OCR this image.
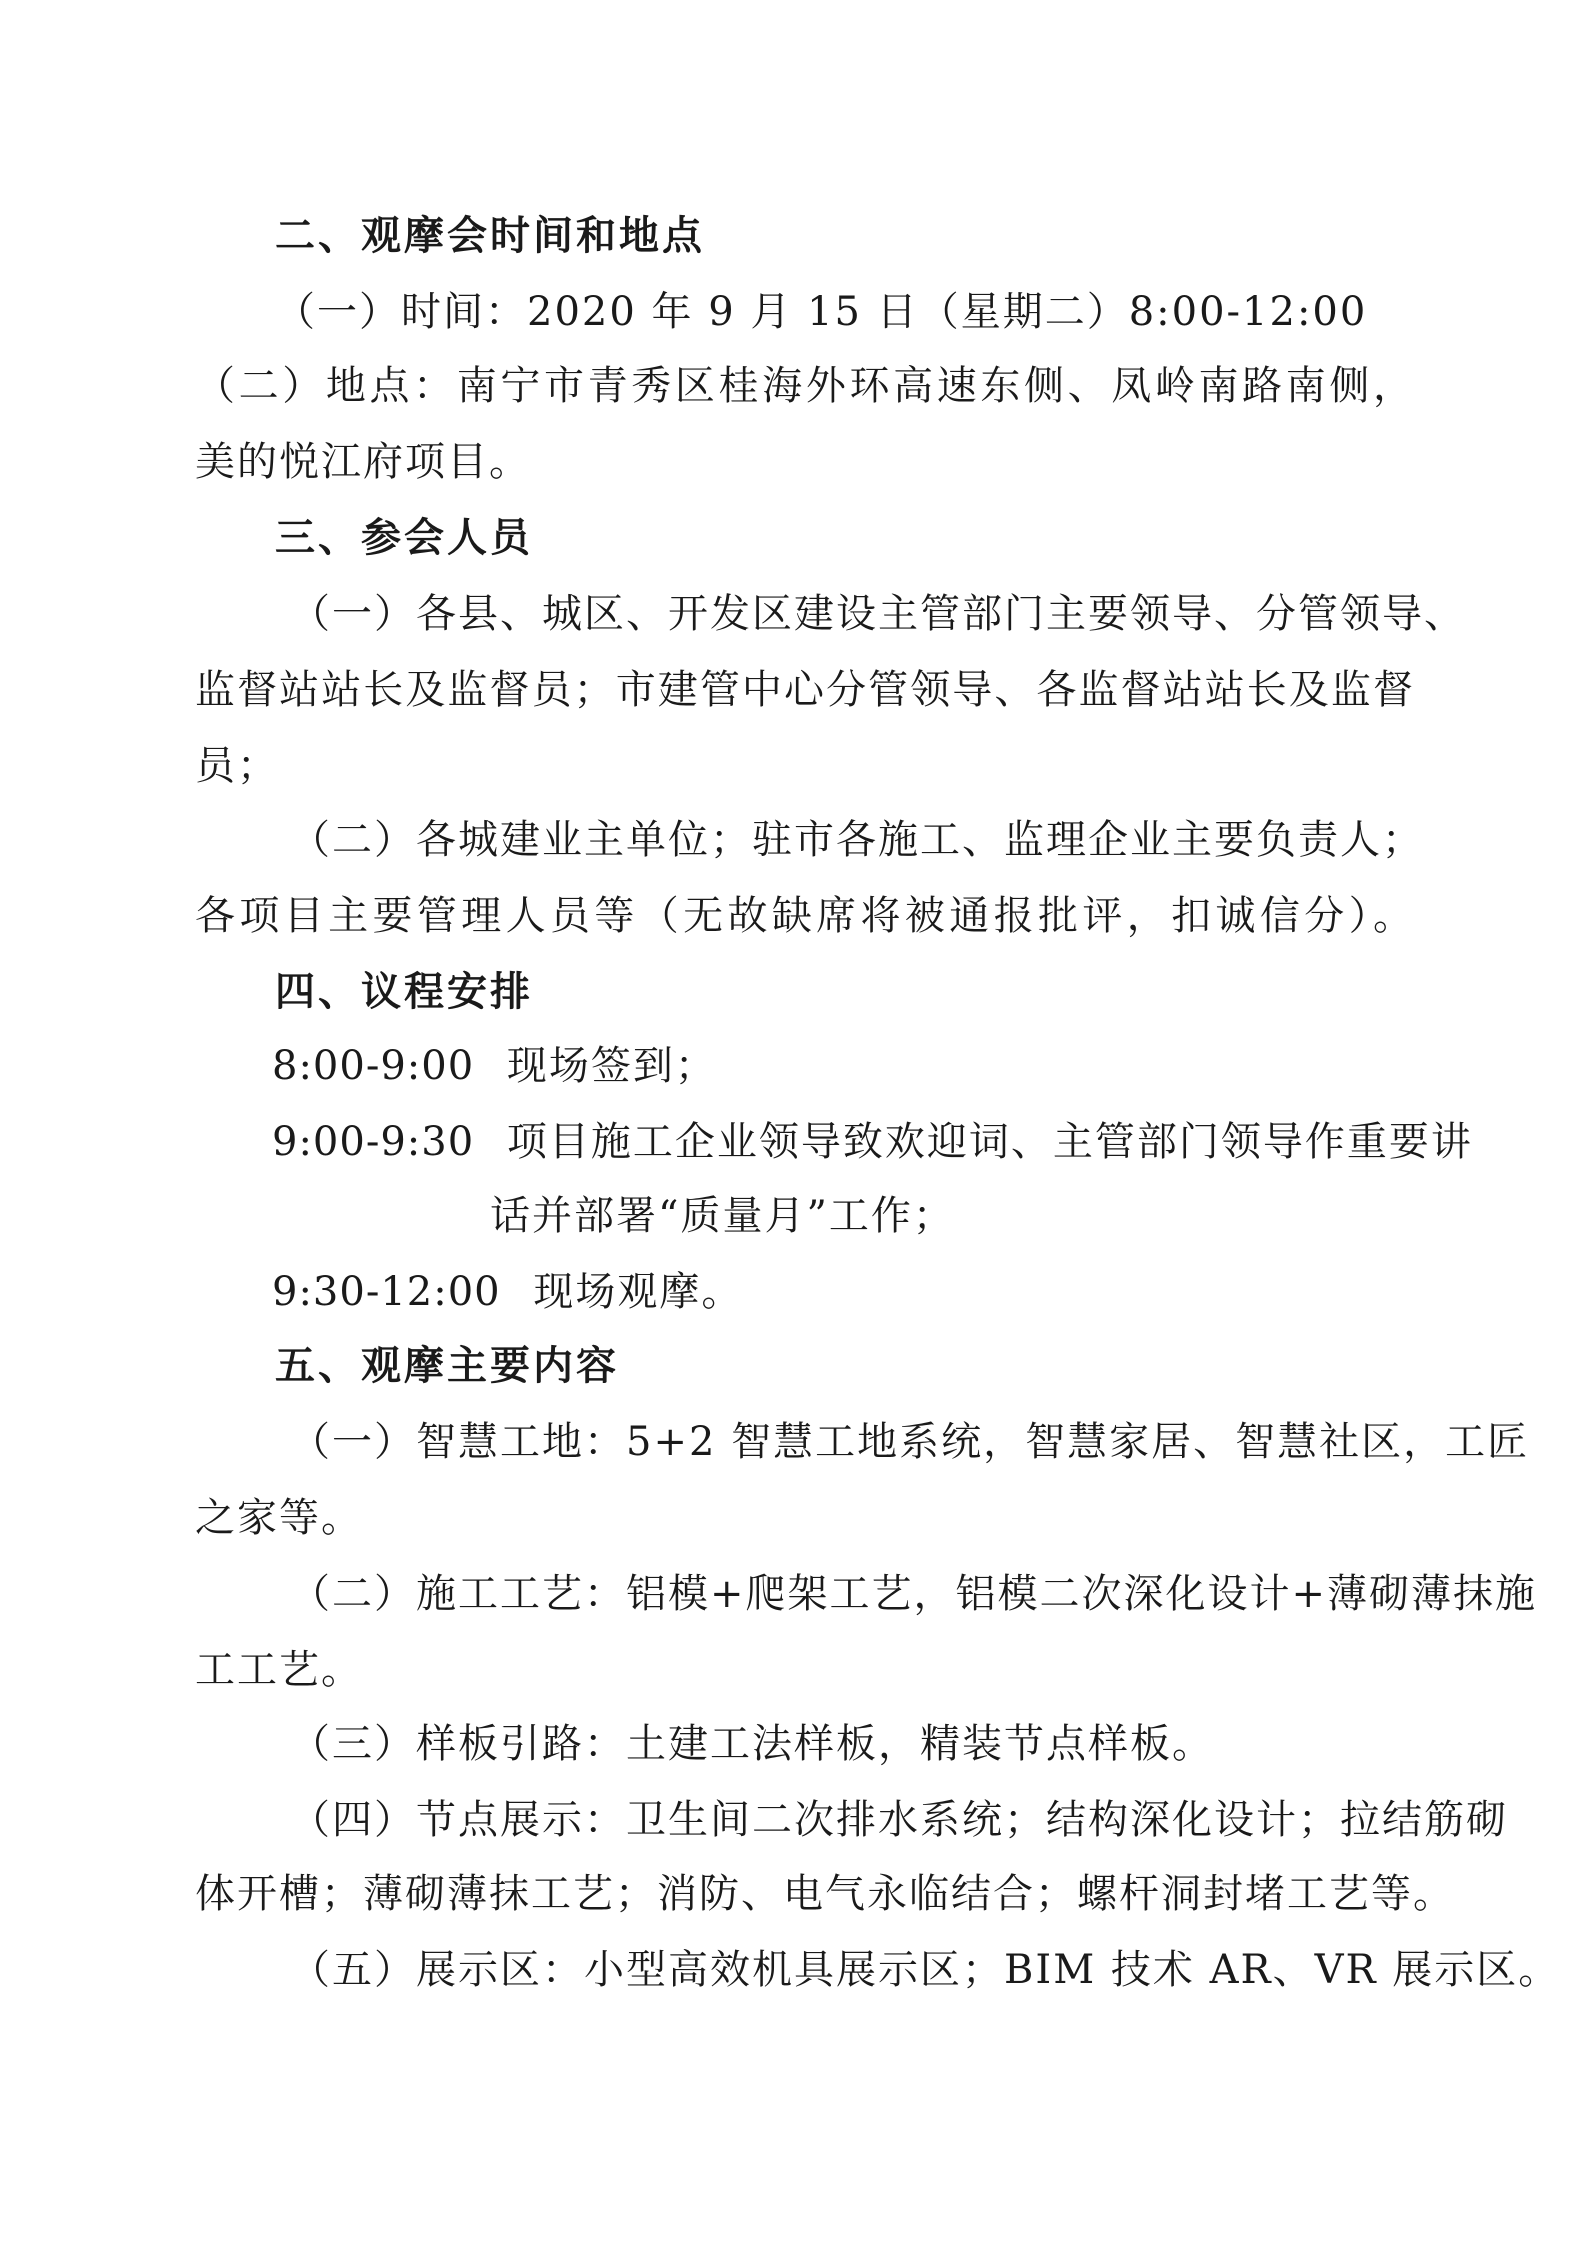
二、观摩会时间和地点
（一）时间：2020 年 9 月 15 日（星期二）8:00-12:00
（二）地点：南宁市青秀区桂海外环高速东侧、凤岭南路南侧，
美的悦江府项目。
三、参会人员
（一）各县、城区、开发区建设主管部门主要领导、分管领导、
监督站站长及监督员；市建管中心分管领导、各监督站站长及监督
员；
（二）各城建业主单位；驻市各施工、监理企业主要负责人；
各项目主要管理人员等（无故缺席将被通报批评，扣诚信分）。
四、议程安排
8:00-9:00 现场签到；
9:00-9:30 项目施工企业领导致欢迎词、主管部门领导作重要讲
话并部署“质量月”工作；
9:30-12:00 现场观摩。
五、观摩主要内容
（一）智慧工地：5+2 智慧工地系统，智慧家居、智慧社区，工匠
之家等。
（二）施工工艺：铝模+爬架工艺，铝模二次深化设计+薄砌薄抹施
工工艺。
（三）样板引路：土建工法样板，精装节点样板。
（四）节点展示：卫生间二次排水系统；结构深化设计；拉结筋砌
体开槽；薄砌薄抹工艺；消防、电气永临结合；螺杆洞封堵工艺等。
（五）展示区：小型高效机具展示区；BIM 技术 AR、VR 展示区。
